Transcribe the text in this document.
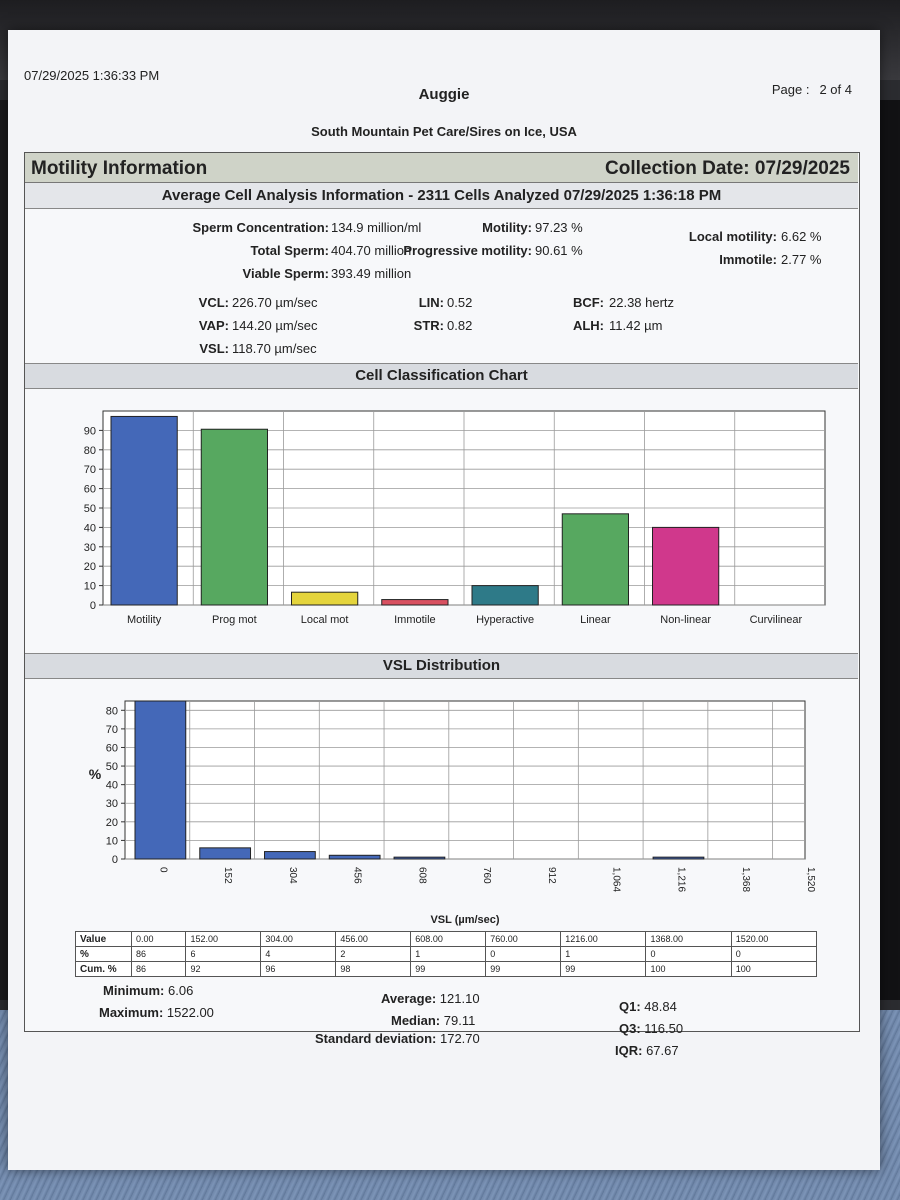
07/29/2025 1:36:33 PM
Auggie	Page : 2 of 4
South Mountain Pet Care/Sires on Ice, USA
Motility Information	Collection Date: 07/29/2025
Average Cell Analysis Information - 2311 Cells Analyzed 07/29/2025 1:36:18 PM
Sperm Concentration: 134.9 million/ml
Total Sperm: 404.70 million
Viable Sperm: 393.49 million
Motility: 97.23 %
Progressive motility: 90.61 %
Local motility: 6.62 %
Immotile: 2.77 %
VCL: 226.70 µm/sec
VAP: 144.20 µm/sec
VSL: 118.70 µm/sec
LIN: 0.52
STR: 0.82
BCF: 22.38 hertz
ALH: 11.42 µm
Cell Classification Chart
0
10
20
30
40
50
60
70
80
90
Motility	Prog mot	Local mot	Immotile	Hyperactive	Linear	Non-linear	Curvilinear
VSL Distribution
0
10
20
30
40
50
60
70
80
%
0	152	304	456	608	760	912	1,064	1,216	1,368	1,520
VSL (µm/sec)
Value	0.00	152.00	304.00	456.00	608.00	760.00	1216.00	1368.00	1520.00
%	86	6	4	2	1	0	1	0	0
Cum. %	86	92	96	98	99	99	99	100	100
Minimum: 6.06
Maximum: 1522.00
Average: 121.10
Median: 79.11
Standard deviation: 172.70
Q1: 48.84
Q3: 116.50
IQR: 67.67
